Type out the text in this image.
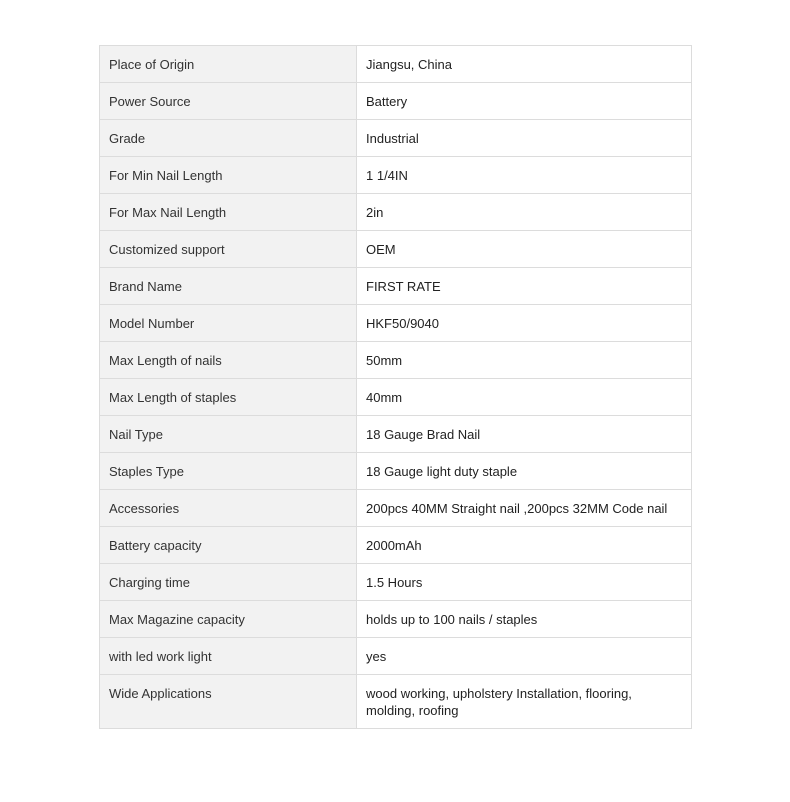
Place of Origin	Jiangsu, China
Power Source	Battery
Grade	Industrial
For Min Nail Length	1 1/4IN
For Max Nail Length	2in
Customized support	OEM
Brand Name	FIRST RATE
Model Number	HKF50/9040
Max Length of nails	50mm
Max Length of staples	40mm
Nail Type	18 Gauge Brad Nail
Staples Type	18 Gauge light duty staple
Accessories	200pcs 40MM Straight nail ,200pcs 32MM Code nail
Battery capacity	2000mAh
Charging time	1.5 Hours
Max Magazine capacity	holds up to 100 nails / staples
with led work light	yes
Wide Applications	wood working, upholstery Installation, flooring, molding, roofing
